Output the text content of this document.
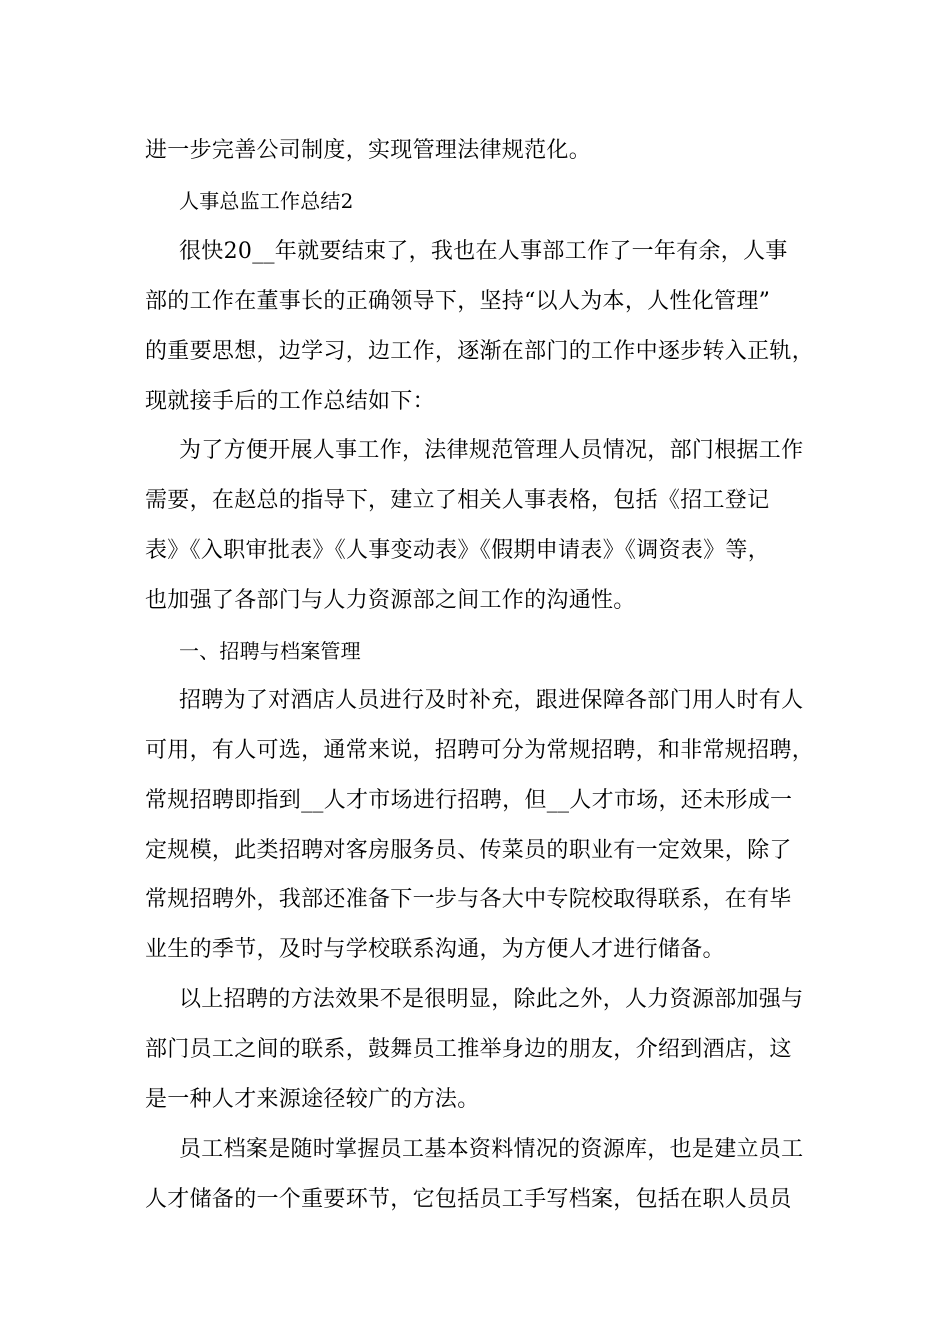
进一步完善公司制度，实现管理法律规范化。
人事总监工作总结2
很快20__年就要结束了，我也在人事部工作了一年有余，人事
部的工作在董事长的正确领导下，坚持“以人为本，人性化管理”
的重要思想，边学习，边工作，逐渐在部门的工作中逐步转入正轨，
现就接手后的工作总结如下：
为了方便开展人事工作，法律规范管理人员情况，部门根据工作
需要，在赵总的指导下，建立了相关人事表格，包括《招工登记
表》《入职审批表》《人事变动表》《假期申请表》《调资表》等，
也加强了各部门与人力资源部之间工作的沟通性。
一、招聘与档案管理
招聘为了对酒店人员进行及时补充，跟进保障各部门用人时有人
可用，有人可选，通常来说，招聘可分为常规招聘，和非常规招聘，
常规招聘即指到__人才市场进行招聘，但__人才市场，还未形成一
定规模，此类招聘对客房服务员、传菜员的职业有一定效果，除了
常规招聘外，我部还准备下一步与各大中专院校取得联系，在有毕
业生的季节，及时与学校联系沟通，为方便人才进行储备。
以上招聘的方法效果不是很明显，除此之外，人力资源部加强与
部门员工之间的联系，鼓舞员工推举身边的朋友，介绍到酒店，这
是一种人才来源途径较广的方法。
员工档案是随时掌握员工基本资料情况的资源库，也是建立员工
人才储备的一个重要环节，它包括员工手写档案，包括在职人员员
